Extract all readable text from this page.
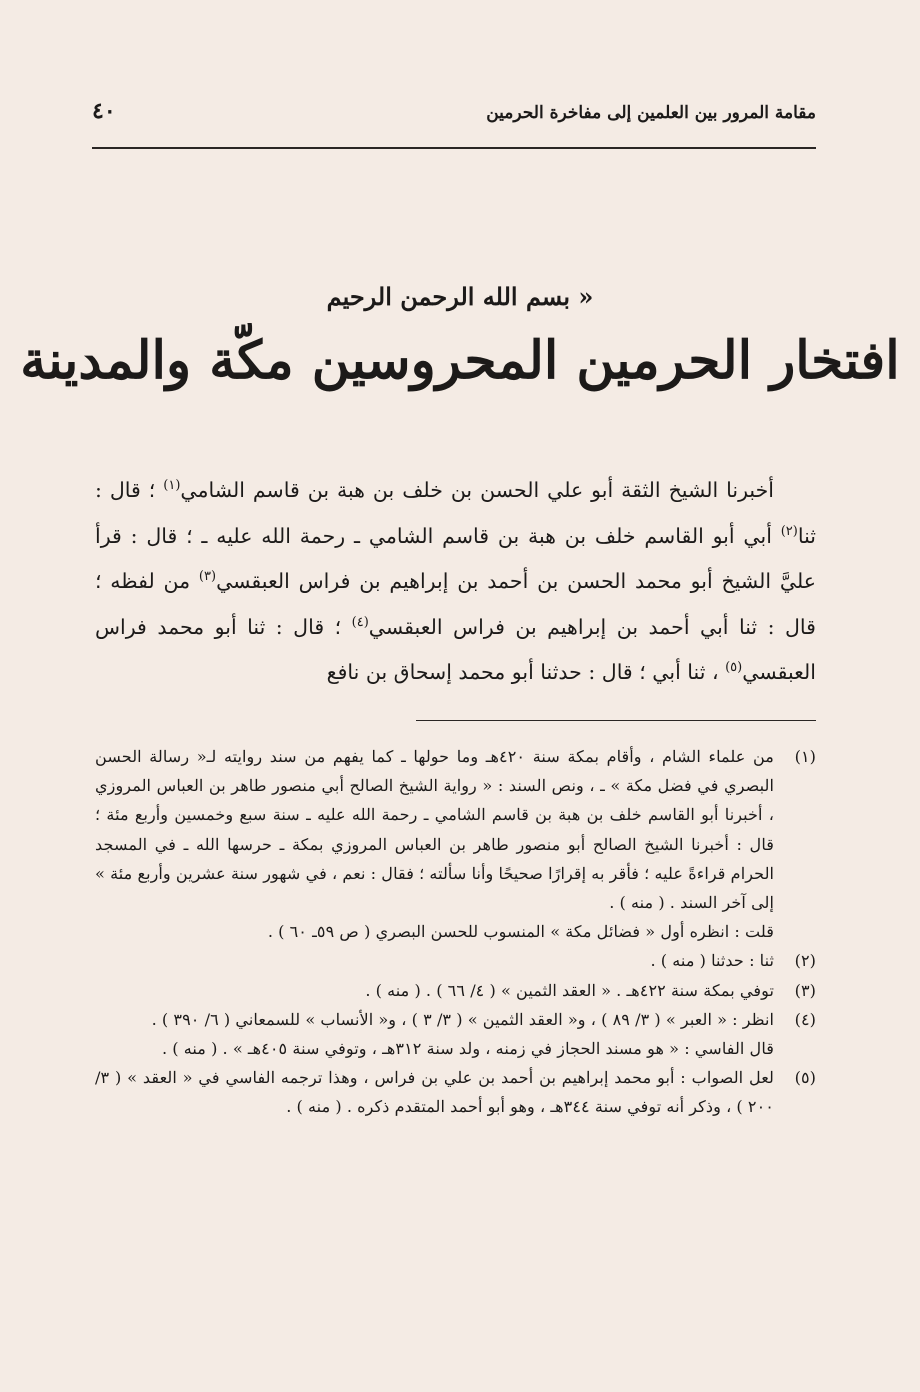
مقامة المرور بين العلمين إلى مفاخرة الحرمين
٤٠
« بسم الله الرحمن الرحيم
افتخار الحرمين المحروسين مكّة والمدينة

أخبرنا الشيخ الثقة أبو علي الحسن بن خلف بن هبة بن قاسم الشامي$^{(١)}$ ؛ قال : ثنا$^{(٢)}$ أبي أبو القاسم خلف بن هبة بن قاسم الشامي ـ رحمة الله عليه ـ ؛ قال : قرأ عليَّ الشيخ أبو محمد الحسن بن أحمد بن إبراهيم بن فراس العبقسي$^{(٣)}$ من لفظه ؛ قال : ثنا أبي أحمد بن إبراهيم بن فراس العبقسي$^{(٤)}$ ؛ قال : ثنا أبو محمد فراس العبقسي$^{(٥)}$ ، ثنا أبي ؛ قال : حدثنا أبو محمد إسحاق بن نافع

(١)

من علماء الشام ، وأقام بمكة سنة ٤٢٠هـ وما حولها ـ كما يفهم من سند روايته لـ« رسالة الحسن البصري في فضل مكة » ـ ، ونص السند : « رواية الشيخ الصالح أبي منصور طاهر بن العباس المروزي ، أخبرنا أبو القاسم خلف بن هبة بن قاسم الشامي ـ رحمة الله عليه ـ سنة سبع وخمسين وأربع مئة ؛ قال : أخبرنا الشيخ الصالح أبو منصور طاهر بن العباس المروزي بمكة ـ حرسها الله ـ في المسجد الحرام قراءةً عليه ؛ فأقر به إقرارًا صحيحًا وأنا سألته ؛ فقال : نعم ، في شهور سنة عشرين وأربع مئة » إلى آخر السند . ( منه ) .

قلت : انظره أول « فضائل مكة » المنسوب للحسن البصري ( ص ٥٩ـ ٦٠ ) .

(٢)

ثنا : حدثنا ( منه ) .

(٣)

توفي بمكة سنة ٤٢٢هـ . « العقد الثمين » ( ٤/ ٦٦ ) . ( منه ) .

(٤)

انظر : « العبر » ( ٣/ ٨٩ ) ، و« العقد الثمين » ( ٣/ ٣ ) ، و« الأنساب » للسمعاني ( ٦/ ٣٩٠ ) .

قال الفاسي : « هو مسند الحجاز في زمنه ، ولد سنة ٣١٢هـ ، وتوفي سنة ٤٠٥هـ » . ( منه ) .

(٥)

لعل الصواب : أبو محمد إبراهيم بن أحمد بن علي بن فراس ، وهذا ترجمه الفاسي في « العقد » ( ٣/ ٢٠٠ ) ، وذكر أنه توفي سنة ٣٤٤هـ ، وهو أبو أحمد المتقدم ذكره . ( منه ) .
